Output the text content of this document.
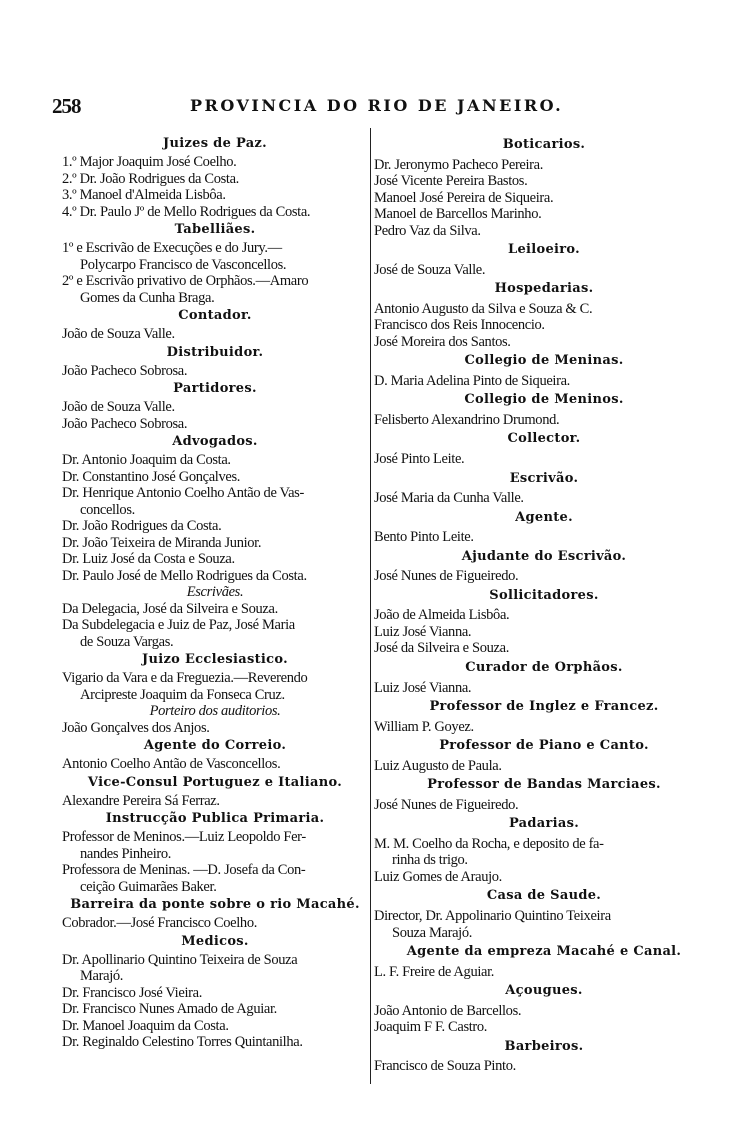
258	PROVINCIA DO RIO DE JANEIRO.
Juizes de Paz.
1.º Major Joaquim José Coelho.
2.º Dr. João Rodrigues da Costa.
3.º Manoel d'Almeida Lisbôa.
4.º Dr. Paulo Jº de Mello Rodrigues da Costa.
Tabelliães.
1º e Escrivão de Execuções e do Jury.—
Polycarpo Francisco de Vasconcellos.
2º e Escrivão privativo de Orphãos.—Amaro
Gomes da Cunha Braga.
Contador.
João de Souza Valle.
Distribuidor.
João Pacheco Sobrosa.
Partidores.
João de Souza Valle.
João Pacheco Sobrosa.
Advogados.
Dr. Antonio Joaquim da Costa.
Dr. Constantino José Gonçalves.
Dr. Henrique Antonio Coelho Antão de Vas-
concellos.
Dr. João Rodrigues da Costa.
Dr. João Teixeira de Miranda Junior.
Dr. Luiz José da Costa e Souza.
Dr. Paulo José de Mello Rodrigues da Costa.
Escrivães.
Da Delegacia, José da Silveira e Souza.
Da Subdelegacia e Juiz de Paz, José Maria
de Souza Vargas.
Juizo Ecclesiastico.
Vigario da Vara e da Freguezia.—Reverendo
Arcipreste Joaquim da Fonseca Cruz.
Porteiro dos auditorios.
João Gonçalves dos Anjos.
Agente do Correio.
Antonio Coelho Antão de Vasconcellos.
Vice-Consul Portuguez e Italiano.
Alexandre Pereira Sá Ferraz.
Instrucção Publica Primaria.
Professor de Meninos.—Luiz Leopoldo Fer-
nandes Pinheiro.
Professora de Meninas. —D. Josefa da Con-
ceição Guimarães Baker.
Barreira da ponte sobre o rio Macahé.
Cobrador.—José Francisco Coelho.
Medicos.
Dr. Apollinario Quintino Teixeira de Souza
Marajó.
Dr. Francisco José Vieira.
Dr. Francisco Nunes Amado de Aguiar.
Dr. Manoel Joaquim da Costa.
Dr. Reginaldo Celestino Torres Quintanilha.
Boticarios.
Dr. Jeronymo Pacheco Pereira.
José Vicente Pereira Bastos.
Manoel José Pereira de Siqueira.
Manoel de Barcellos Marinho.
Pedro Vaz da Silva.
Leiloeiro.
José de Souza Valle.
Hospedarias.
Antonio Augusto da Silva e Souza & C.
Francisco dos Reis Innocencio.
José Moreira dos Santos.
Collegio de Meninas.
D. Maria Adelina Pinto de Siqueira.
Collegio de Meninos.
Felisberto Alexandrino Drumond.
Collector.
José Pinto Leite.
Escrivão.
José Maria da Cunha Valle.
Agente.
Bento Pinto Leite.
Ajudante do Escrivão.
José Nunes de Figueiredo.
Sollicitadores.
João de Almeida Lisbôa.
Luiz José Vianna.
José da Silveira e Souza.
Curador de Orphãos.
Luiz José Vianna.
Professor de Inglez e Francez.
William P. Goyez.
Professor de Piano e Canto.
Luiz Augusto de Paula.
Professor de Bandas Marciaes.
José Nunes de Figueiredo.
Padarias.
M. M. Coelho da Rocha, e deposito de fa-
rinha ds trigo.
Luiz Gomes de Araujo.
Casa de Saude.
Director, Dr. Appolinario Quintino Teixeira
Souza Marajó.
Agente da empreza Macahé e Canal.
L. F. Freire de Aguiar.
Açougues.
João Antonio de Barcellos.
Joaquim F F. Castro.
Barbeiros.
Francisco de Souza Pinto.
